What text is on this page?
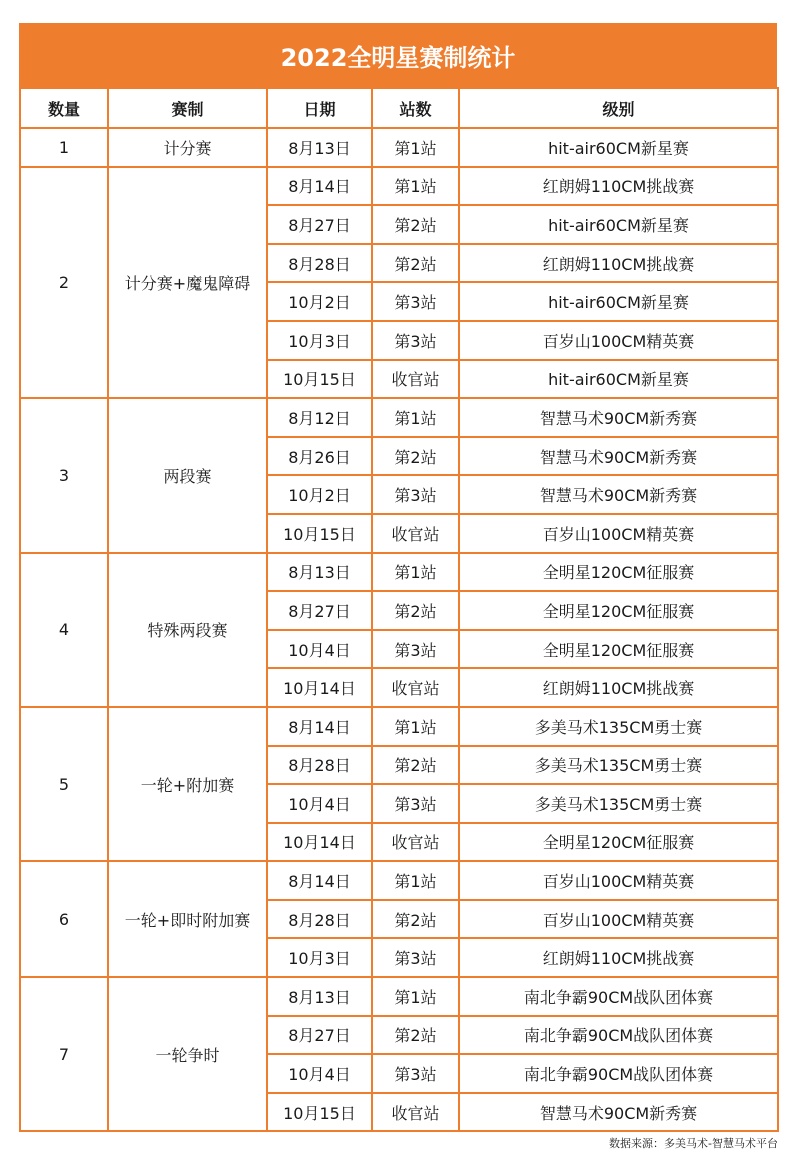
2022全明星赛制统计
数量	赛制	日期	站数	级别
1	计分赛	8月13日	第1站	hit-air60CM新星赛
2	计分赛+魔鬼障碍	8月14日	第1站	红朗姆110CM挑战赛
		8月27日	第2站	hit-air60CM新星赛
		8月28日	第2站	红朗姆110CM挑战赛
		10月2日	第3站	hit-air60CM新星赛
		10月3日	第3站	百岁山100CM精英赛
		10月15日	收官站	hit-air60CM新星赛
3	两段赛	8月12日	第1站	智慧马术90CM新秀赛
		8月26日	第2站	智慧马术90CM新秀赛
		10月2日	第3站	智慧马术90CM新秀赛
		10月15日	收官站	百岁山100CM精英赛
4	特殊两段赛	8月13日	第1站	全明星120CM征服赛
		8月27日	第2站	全明星120CM征服赛
		10月4日	第3站	全明星120CM征服赛
		10月14日	收官站	红朗姆110CM挑战赛
5	一轮+附加赛	8月14日	第1站	多美马术135CM勇士赛
		8月28日	第2站	多美马术135CM勇士赛
		10月4日	第3站	多美马术135CM勇士赛
		10月14日	收官站	全明星120CM征服赛
6	一轮+即时附加赛	8月14日	第1站	百岁山100CM精英赛
		8月28日	第2站	百岁山100CM精英赛
		10月3日	第3站	红朗姆110CM挑战赛
7	一轮争时	8月13日	第1站	南北争霸90CM战队团体赛
		8月27日	第2站	南北争霸90CM战队团体赛
		10月4日	第3站	南北争霸90CM战队团体赛
		10月15日	收官站	智慧马术90CM新秀赛
数据来源：多美马术-智慧马术平台
